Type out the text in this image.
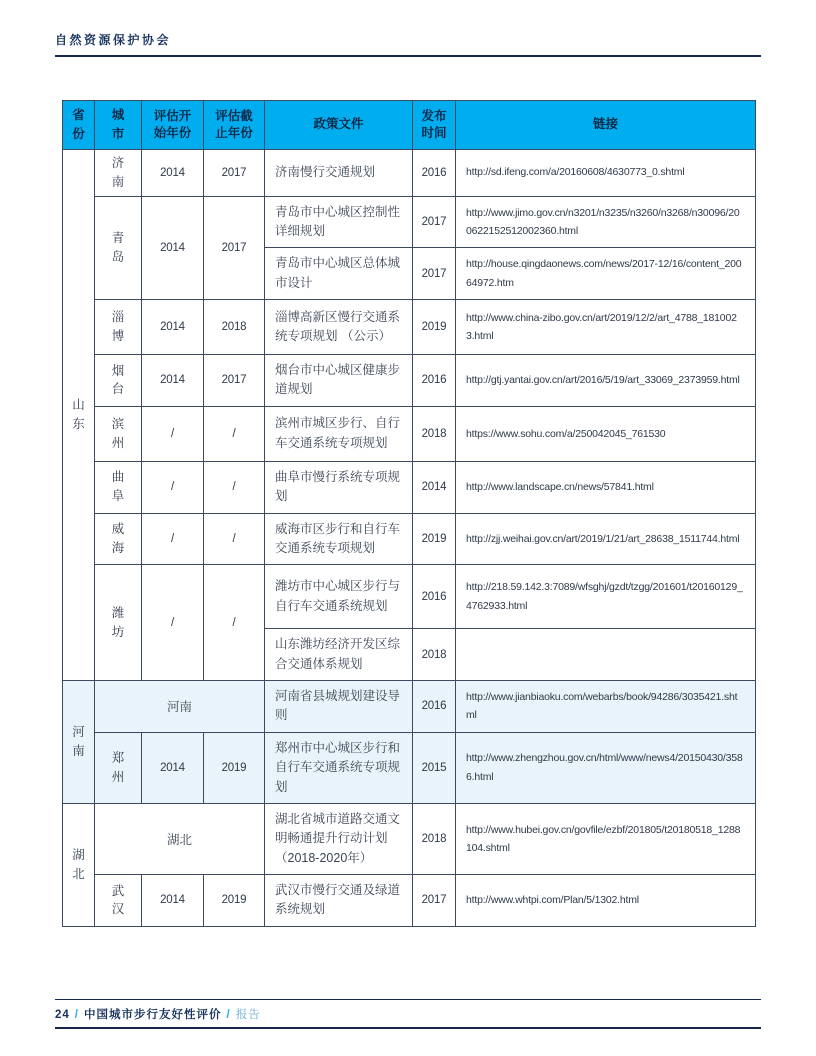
自然资源保护协会
省份	城市	评估开始年份	评估截止年份	政策文件	发布时间	链接
山东	济南	2014	2017	济南慢行交通规划	2016	http://sd.ifeng.com/a/20160608/4630773_0.shtml
	青岛	2014	2017	青岛市中心城区控制性详细规划	2017	http://www.jimo.gov.cn/n3201/n3235/n3260/n3268/n30096/200622152512002360.html
				青岛市中心城区总体城市设计	2017	http://house.qingdaonews.com/news/2017-12/16/content_20064972.htm
	淄博	2014	2018	淄博高新区慢行交通系统专项规划 （公示）	2019	http://www.china-zibo.gov.cn/art/2019/12/2/art_4788_1810023.html
	烟台	2014	2017	烟台市中心城区健康步道规划	2016	http://gtj.yantai.gov.cn/art/2016/5/19/art_33069_2373959.html
	滨州	/	/	滨州市城区步行、自行车交通系统专项规划	2018	https://www.sohu.com/a/250042045_761530
	曲阜	/	/	曲阜市慢行系统专项规划	2014	http://www.landscape.cn/news/57841.html
	威海	/	/	威海市区步行和自行车交通系统专项规划	2019	http://zjj.weihai.gov.cn/art/2019/1/21/art_28638_1511744.html
	潍坊	/	/	潍坊市中心城区步行与自行车交通系统规划	2016	http://218.59.142.3:7089/wfsghj/gzdt/tzgg/201601/t20160129_4762933.html
				山东潍坊经济开发区综合交通体系规划	2018	
河南	河南			河南省县城规划建设导则	2016	http://www.jianbiaoku.com/webarbs/book/94286/3035421.shtml
	郑州	2014	2019	郑州市中心城区步行和自行车交通系统专项规划	2015	http://www.zhengzhou.gov.cn/html/www/news4/20150430/3586.html
湖北	湖北			湖北省城市道路交通文明畅通提升行动计划（2018-2020年）	2018	http://www.hubei.gov.cn/govfile/ezbf/201805/t20180518_1288104.shtml
	武汉	2014	2019	武汉市慢行交通及绿道系统规划	2017	http://www.whtpi.com/Plan/5/1302.html
24 / 中国城市步行友好性评价 / 报告
